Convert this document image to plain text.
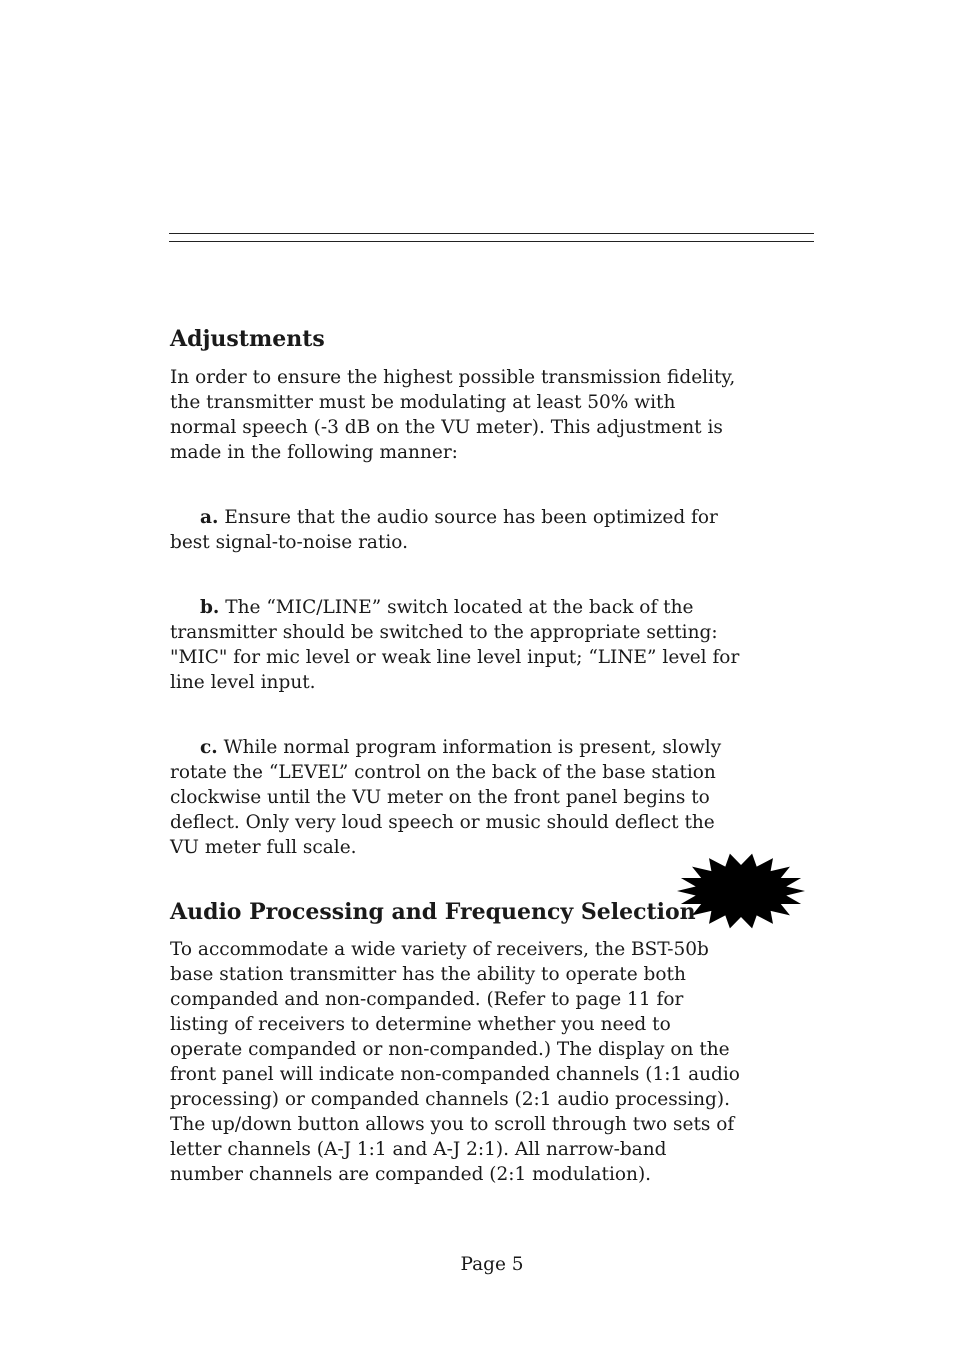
Adjustments

In order to ensure the highest possible transmission fidelity, the transmitter must be modulating at least 50% with normal speech (-3 dB on the VU meter). This adjustment is made in the following manner:

a. Ensure that the audio source has been optimized for best signal-to-noise ratio.

b. The “MIC/LINE” switch located at the back of the transmitter should be switched to the appropriate setting: "MIC" for mic level or weak line level input; “LINE” level for line level input.

c. While normal program information is present, slowly rotate the “LEVEL” control on the back of the base station clockwise until the VU meter on the front panel begins to deflect. Only very loud speech or music should deflect the VU meter full scale.

Audio Processing and Frequency Selection

To accommodate a wide variety of receivers, the BST-50b base station transmitter has the ability to operate both companded and non-companded. (Refer to page 11 for listing of receivers to determine whether you need to operate companded or non-companded.) The display on the front panel will indicate non-companded channels (1:1 audio processing) or companded channels (2:1 audio processing). The up/down button allows you to scroll through two sets of letter channels (A-J 1:1 and A-J 2:1). All narrow-band number channels are companded (2:1 modulation).

Page 5
